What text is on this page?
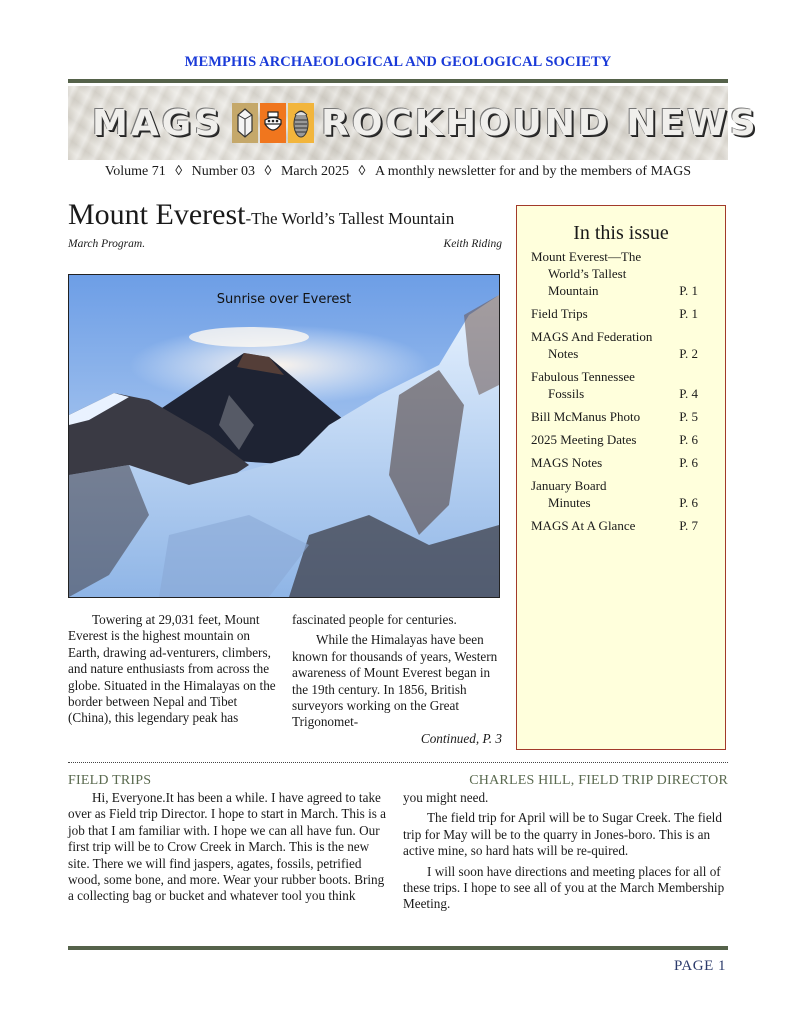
MEMPHIS ARCHAEOLOGICAL AND GEOLOGICAL SOCIETY
MAGS	ROCKHOUND NEWS
Volume 71 ◊ Number 03 ◊ March 2025 ◊ A monthly newsletter for and by the members of MAGS
Mount Everest-The World’s Tallest Mountain
March Program.	Keith Riding
Sunrise over Everest

Towering at 29,031 feet, Mount Everest is the highest mountain on Earth, drawing ad-venturers, climbers, and nature enthusiasts from across the globe. Situated in the Himalayas on the border between Nepal and Tibet (China), this legendary peak has

fascinated people for centuries.

While the Himalayas have been known for thousands of years, Western awareness of Mount Everest began in the 19th century. In 1856, British surveyors working on the Great Trigonomet-

Continued, P. 3

In this issue
Mount Everest—The
World’s Tallest
Mountain	P. 1
Field Trips	P. 1
MAGS And Federation
Notes	P. 2
Fabulous Tennessee
Fossils	P. 4
Bill McManus Photo	P. 5
2025 Meeting Dates	P. 6
MAGS Notes	P. 6
January Board
Minutes	P. 6
MAGS At A Glance	P. 7
FIELD TRIPS	CHARLES HILL, FIELD TRIP DIRECTOR

Hi, Everyone.It has been a while. I have agreed to take over as Field trip Director. I hope to start in March. This is a job that I am familiar with. I hope we can all have fun. Our first trip will be to Crow Creek in March. This is the new site. There we will find jaspers, agates, fossils, petrified wood, some bone, and more. Wear your rubber boots. Bring a collecting bag or bucket and whatever tool you think

you might need.

The field trip for April will be to Sugar Creek. The field trip for May will be to the quarry in Jones-boro. This is an active mine, so hard hats will be re-quired.

I will soon have directions and meeting places for all of these trips. I hope to see all of you at the March Membership Meeting.

PAGE 1
